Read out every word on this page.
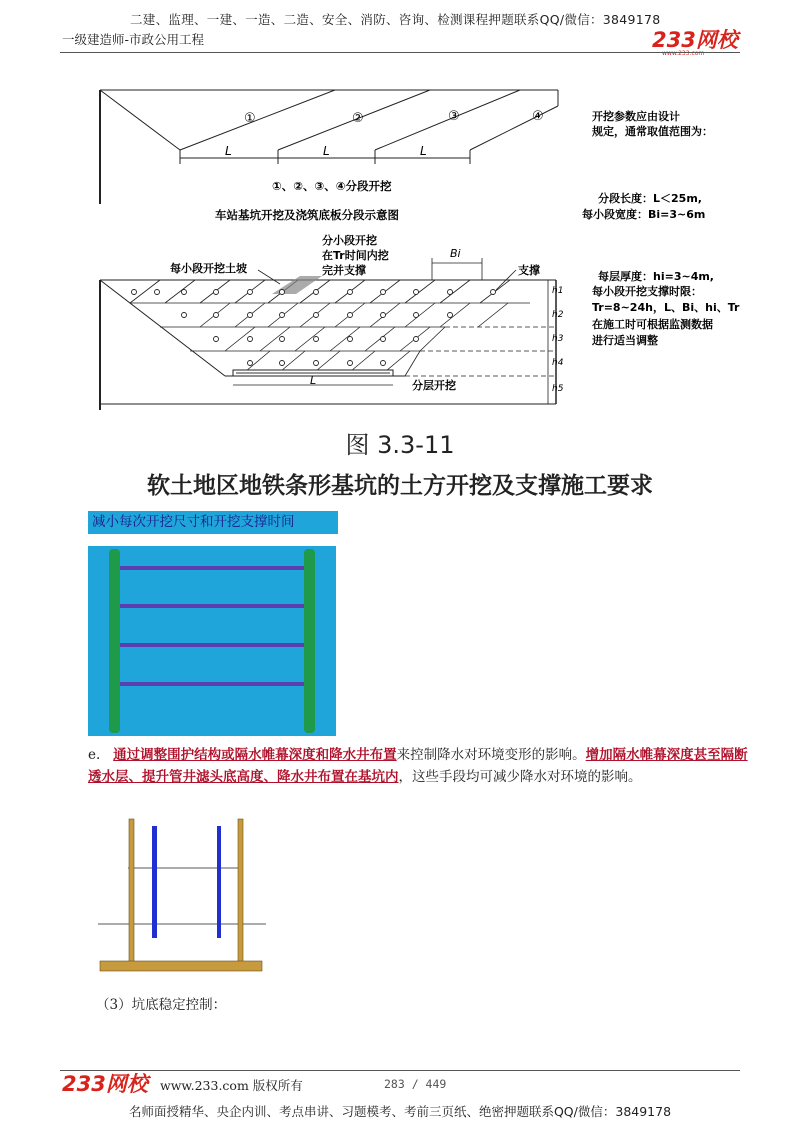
二建、监理、一建、一造、二造、安全、消防、咨询、检测课程押题联系QQ/微信：3849178
一级建造师-市政公用工程	233网校
www.233.com
①	②	③	④
L	L	L
①、②、③、④分段开挖
车站基坑开挖及浇筑底板分段示意图
开挖参数应由设计
规定，通常取值范围为：
分段长度：L＜25m,
每小段宽度：Bi=3~6m
每层厚度：hi=3~4m,
每小段开挖支撑时限：
Tr=8~24h，L、Bi、hi、Tr
在施工时可根据监测数据
进行适当调整
L	分层开挖
h1
h2
h3
h4
h5
每小段开挖土坡
分小段开挖
在Tr时间内挖
完并支撑
Bi
支撑
图 3.3-11
软土地区地铁条形基坑的土方开挖及支撑施工要求
减小每次开挖尺寸和开挖支撑时间
e. 通过调整围护结构或隔水帷幕深度和降水井布置来控制降水对环境变形的影响。增加隔水帷幕深度甚至隔断透水层、提升管井滤头底高度、降水井布置在基坑内，这些手段均可减少降水对环境的影响。
（3）坑底稳定控制：
233网校 www.233.com 版权所有	283 / 449
名师面授精华、央企内训、考点串讲、习题模考、考前三页纸、绝密押题联系QQ/微信：3849178
